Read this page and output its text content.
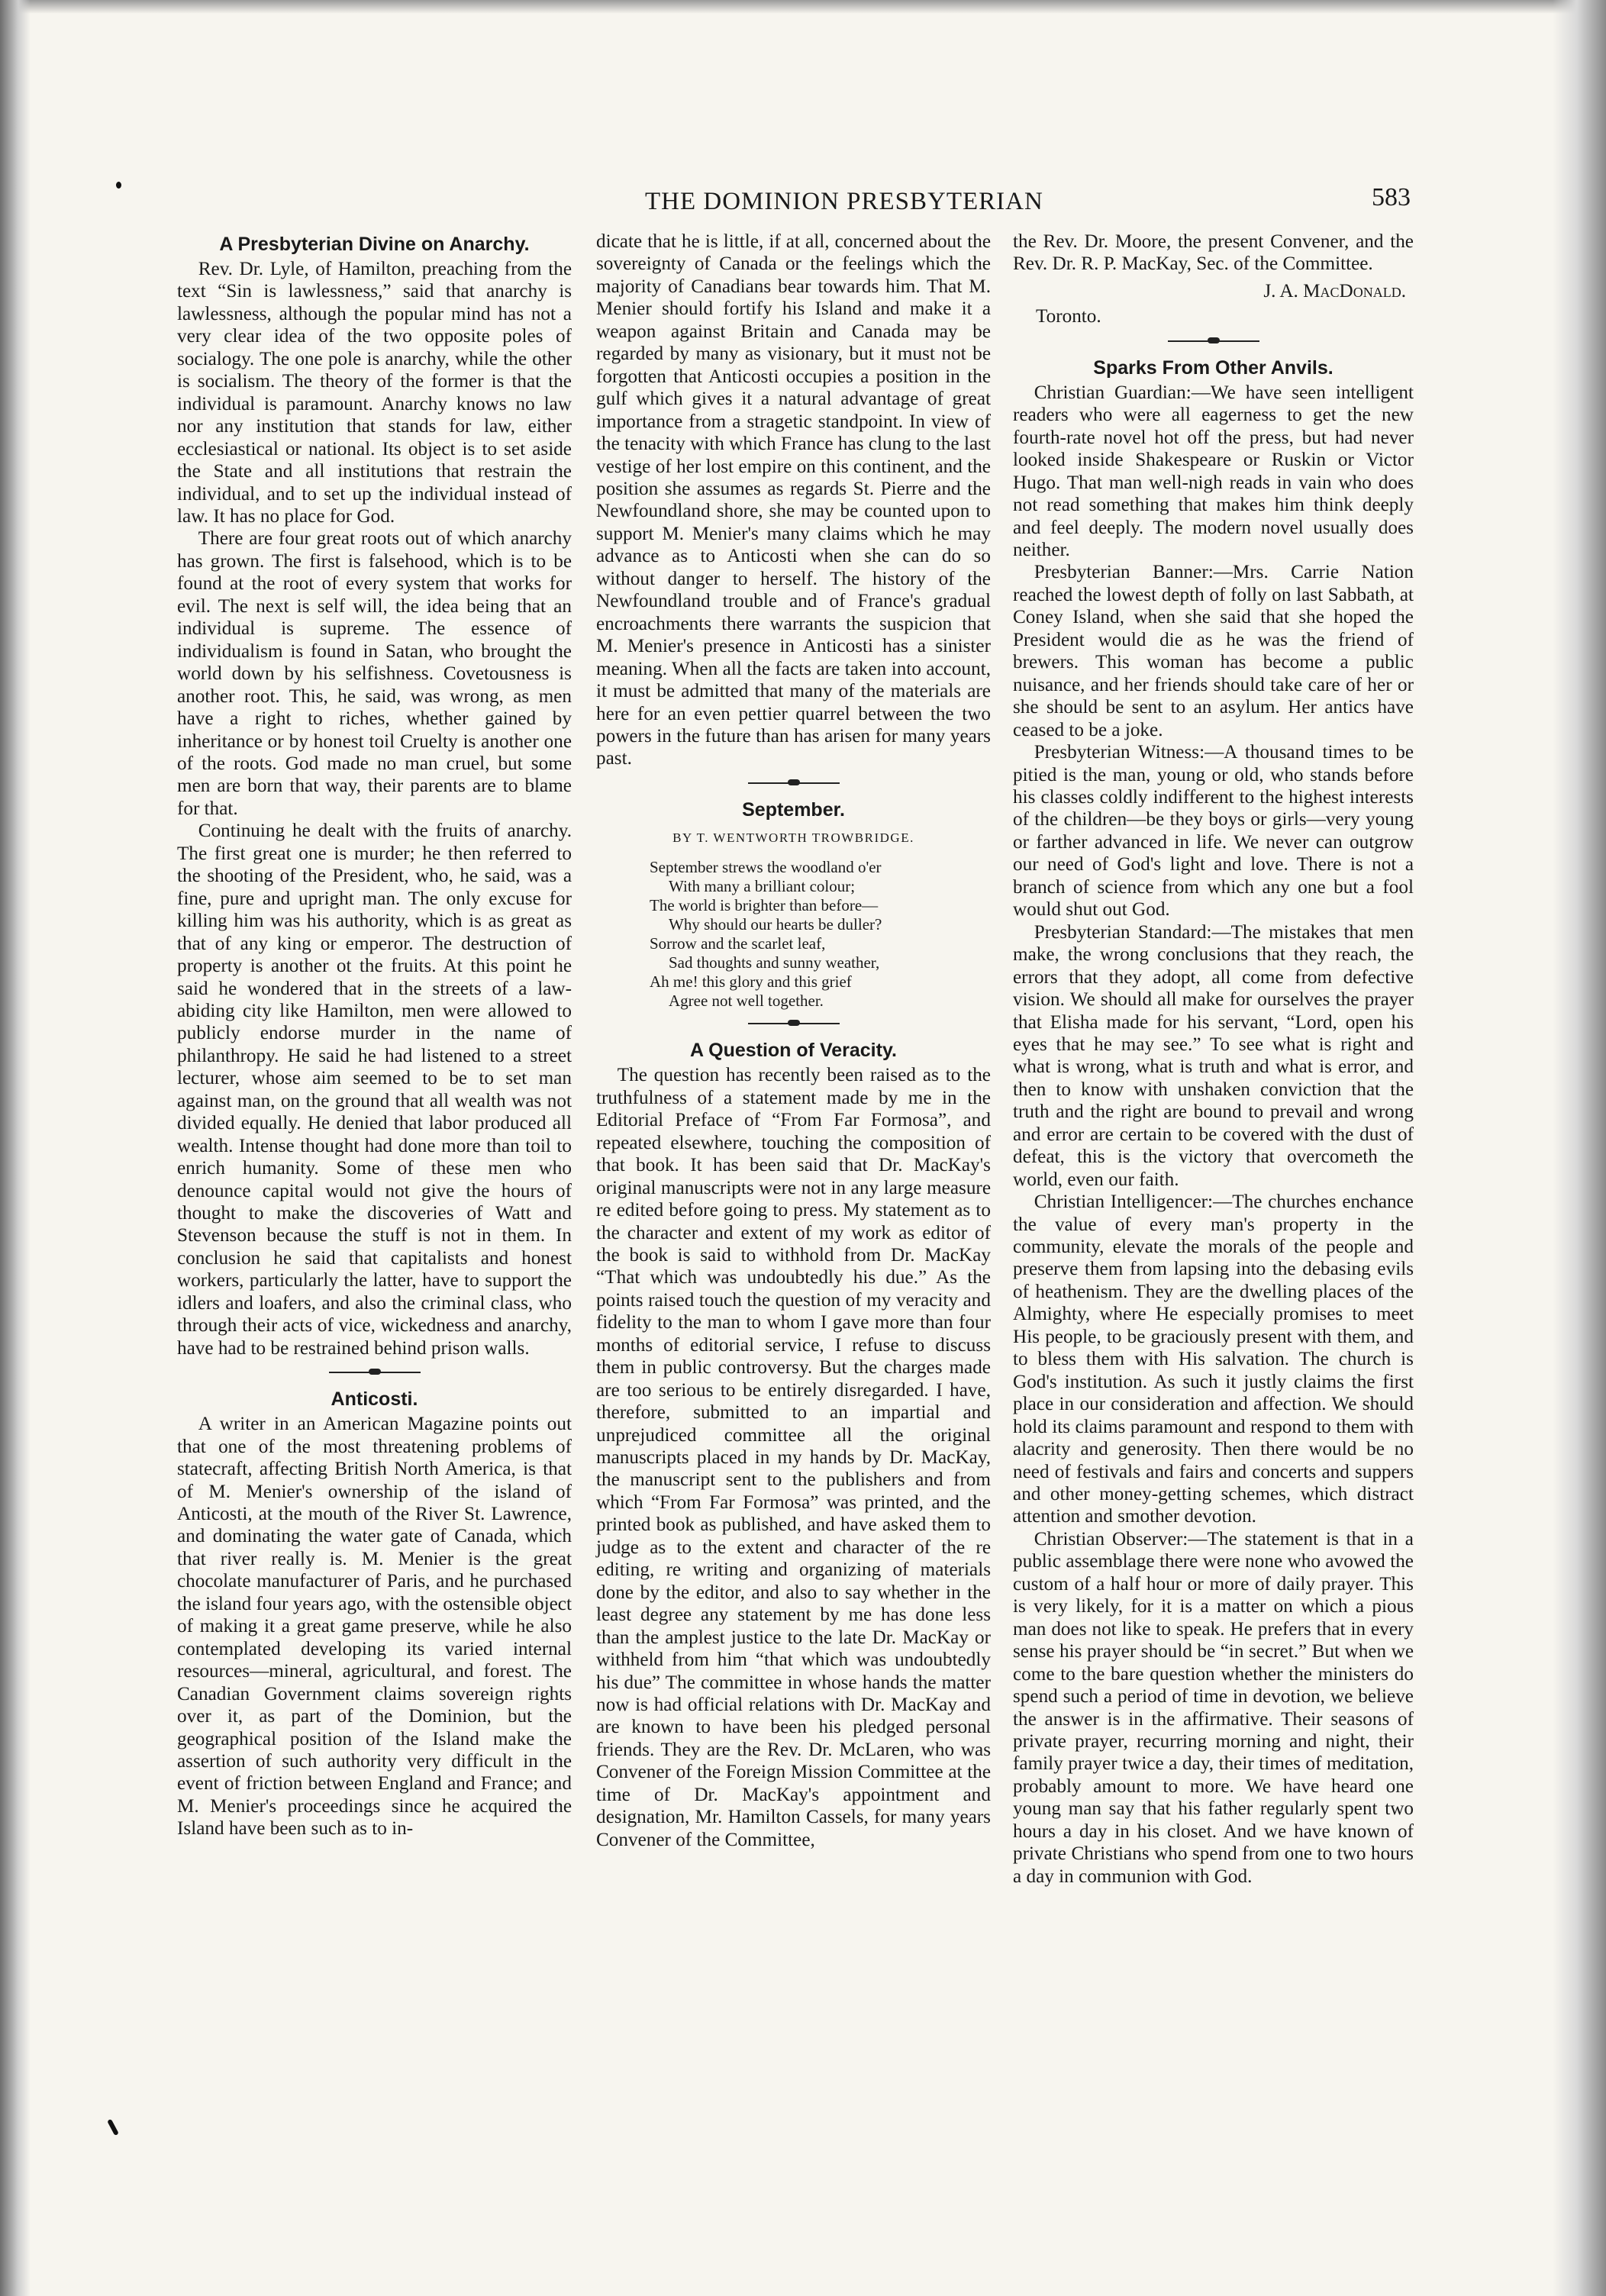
THE DOMINION PRESBYTERIAN	583
A Presbyterian Divine on Anarchy.

Rev. Dr. Lyle, of Hamilton, preaching from the text “Sin is lawlessness,” said that anarchy is lawlessness, although the popular mind has not a very clear idea of the two opposite poles of socialogy. The one pole is anarchy, while the other is socialism. The theory of the former is that the individual is paramount. Anarchy knows no law nor any institution that stands for law, either ecclesiastical or national. Its object is to set aside the State and all institutions that restrain the individual, and to set up the individual instead of law. It has no place for God.

There are four great roots out of which anarchy has grown. The first is falsehood, which is to be found at the root of every system that works for evil. The next is self will, the idea being that an individual is supreme. The essence of individualism is found in Satan, who brought the world down by his selfishness. Covetousness is another root. This, he said, was wrong, as men have a right to riches, whether gained by inheritance or by honest toil Cruelty is another one of the roots. God made no man cruel, but some men are born that way, their parents are to blame for that.

Continuing he dealt with the fruits of anarchy. The first great one is murder; he then referred to the shooting of the President, who, he said, was a fine, pure and upright man. The only excuse for killing him was his authority, which is as great as that of any king or emperor. The destruction of property is another ot the fruits. At this point he said he wondered that in the streets of a law-abiding city like Hamilton, men were allowed to publicly endorse murder in the name of philanthropy. He said he had listened to a street lecturer, whose aim seemed to be to set man against man, on the ground that all wealth was not divided equally. He denied that labor produced all wealth. Intense thought had done more than toil to enrich humanity. Some of these men who denounce capital would not give the hours of thought to make the discoveries of Watt and Stevenson because the stuff is not in them. In conclusion he said that capitalists and honest workers, particularly the latter, have to support the idlers and loafers, and also the criminal class, who through their acts of vice, wickedness and anarchy, have had to be restrained behind prison walls.

Anticosti.

A writer in an American Magazine points out that one of the most threatening problems of statecraft, affecting British North America, is that of M. Menier's ownership of the island of Anticosti, at the mouth of the River St. Lawrence, and dominating the water gate of Canada, which that river really is. M. Menier is the great chocolate manufacturer of Paris, and he purchased the island four years ago, with the ostensible object of making it a great game preserve, while he also contemplated developing its varied internal resources—mineral, agricultural, and forest. The Canadian Government claims sovereign rights over it, as part of the Dominion, but the geographical position of the Island make the assertion of such authority very difficult in the event of friction between England and France; and M. Menier's proceedings since he acquired the Island have been such as to in-

dicate that he is little, if at all, concerned about the sovereignty of Canada or the feelings which the majority of Canadians bear towards him. That M. Menier should fortify his Island and make it a weapon against Britain and Canada may be regarded by many as visionary, but it must not be forgotten that Anticosti occupies a position in the gulf which gives it a natural advantage of great importance from a stragetic standpoint. In view of the tenacity with which France has clung to the last vestige of her lost empire on this continent, and the position she assumes as regards St. Pierre and the Newfoundland shore, she may be counted upon to support M. Menier's many claims which he may advance as to Anticosti when she can do so without danger to herself. The history of the Newfoundland trouble and of France's gradual encroachments there warrants the suspicion that M. Menier's presence in Anticosti has a sinister meaning. When all the facts are taken into account, it must be admitted that many of the materials are here for an even pettier quarrel between the two powers in the future than has arisen for many years past.

September.
BY T. WENTWORTH TROWBRIDGE.
September strews the woodland o'er
With many a brilliant colour;
The world is brighter than before—
Why should our hearts be duller?
Sorrow and the scarlet leaf,
Sad thoughts and sunny weather,
Ah me! this glory and this grief
Agree not well together.
A Question of Veracity.

The question has recently been raised as to the truthfulness of a statement made by me in the Editorial Preface of “From Far Formosa”, and repeated elsewhere, touching the composition of that book. It has been said that Dr. MacKay's original manuscripts were not in any large measure re edited before going to press. My statement as to the character and extent of my work as editor of the book is said to withhold from Dr. MacKay “That which was undoubtedly his due.” As the points raised touch the question of my veracity and fidelity to the man to whom I gave more than four months of editorial service, I refuse to discuss them in public controversy. But the charges made are too serious to be entirely disregarded. I have, therefore, submitted to an impartial and unprejudiced committee all the original manuscripts placed in my hands by Dr. MacKay, the manuscript sent to the publishers and from which “From Far Formosa” was printed, and the printed book as published, and have asked them to judge as to the extent and character of the re editing, re writing and organizing of materials done by the editor, and also to say whether in the least degree any statement by me has done less than the amplest justice to the late Dr. MacKay or withheld from him “that which was undoubtedly his due” The committee in whose hands the matter now is had official relations with Dr. MacKay and are known to have been his pledged personal friends. They are the Rev. Dr. McLaren, who was Convener of the Foreign Mission Committee at the time of Dr. MacKay's appointment and designation, Mr. Hamilton Cassels, for many years Convener of the Committee,

the Rev. Dr. Moore, the present Convener, and the Rev. Dr. R. P. MacKay, Sec. of the Committee.

J. A. MacDonald.
Toronto.
Sparks From Other Anvils.

Christian Guardian:—We have seen intelligent readers who were all eagerness to get the new fourth-rate novel hot off the press, but had never looked inside Shakespeare or Ruskin or Victor Hugo. That man well-nigh reads in vain who does not read something that makes him think deeply and feel deeply. The modern novel usually does neither.

Presbyterian Banner:—Mrs. Carrie Nation reached the lowest depth of folly on last Sabbath, at Coney Island, when she said that she hoped the President would die as he was the friend of brewers. This woman has become a public nuisance, and her friends should take care of her or she should be sent to an asylum. Her antics have ceased to be a joke.

Presbyterian Witness:—A thousand times to be pitied is the man, young or old, who stands before his classes coldly indifferent to the highest interests of the children—be they boys or girls—very young or farther advanced in life. We never can outgrow our need of God's light and love. There is not a branch of science from which any one but a fool would shut out God.

Presbyterian Standard:—The mistakes that men make, the wrong conclusions that they reach, the errors that they adopt, all come from defective vision. We should all make for ourselves the prayer that Elisha made for his servant, “Lord, open his eyes that he may see.” To see what is right and what is wrong, what is truth and what is error, and then to know with unshaken conviction that the truth and the right are bound to prevail and wrong and error are certain to be covered with the dust of defeat, this is the victory that overcometh the world, even our faith.

Christian Intelligencer:—The churches enchance the value of every man's property in the community, elevate the morals of the people and preserve them from lapsing into the debasing evils of heathenism. They are the dwelling places of the Almighty, where He especially promises to meet His people, to be graciously present with them, and to bless them with His salvation. The church is God's institution. As such it justly claims the first place in our consideration and affection. We should hold its claims paramount and respond to them with alacrity and generosity. Then there would be no need of festivals and fairs and concerts and suppers and other money-getting schemes, which distract attention and smother devotion.

Christian Observer:—The statement is that in a public assemblage there were none who avowed the custom of a half hour or more of daily prayer. This is very likely, for it is a matter on which a pious man does not like to speak. He prefers that in every sense his prayer should be “in secret.” But when we come to the bare question whether the ministers do spend such a period of time in devotion, we believe the answer is in the affirmative. Their seasons of private prayer, recurring morning and night, their family prayer twice a day, their times of meditation, probably amount to more. We have heard one young man say that his father regularly spent two hours a day in his closet. And we have known of private Christians who spend from one to two hours a day in communion with God.
